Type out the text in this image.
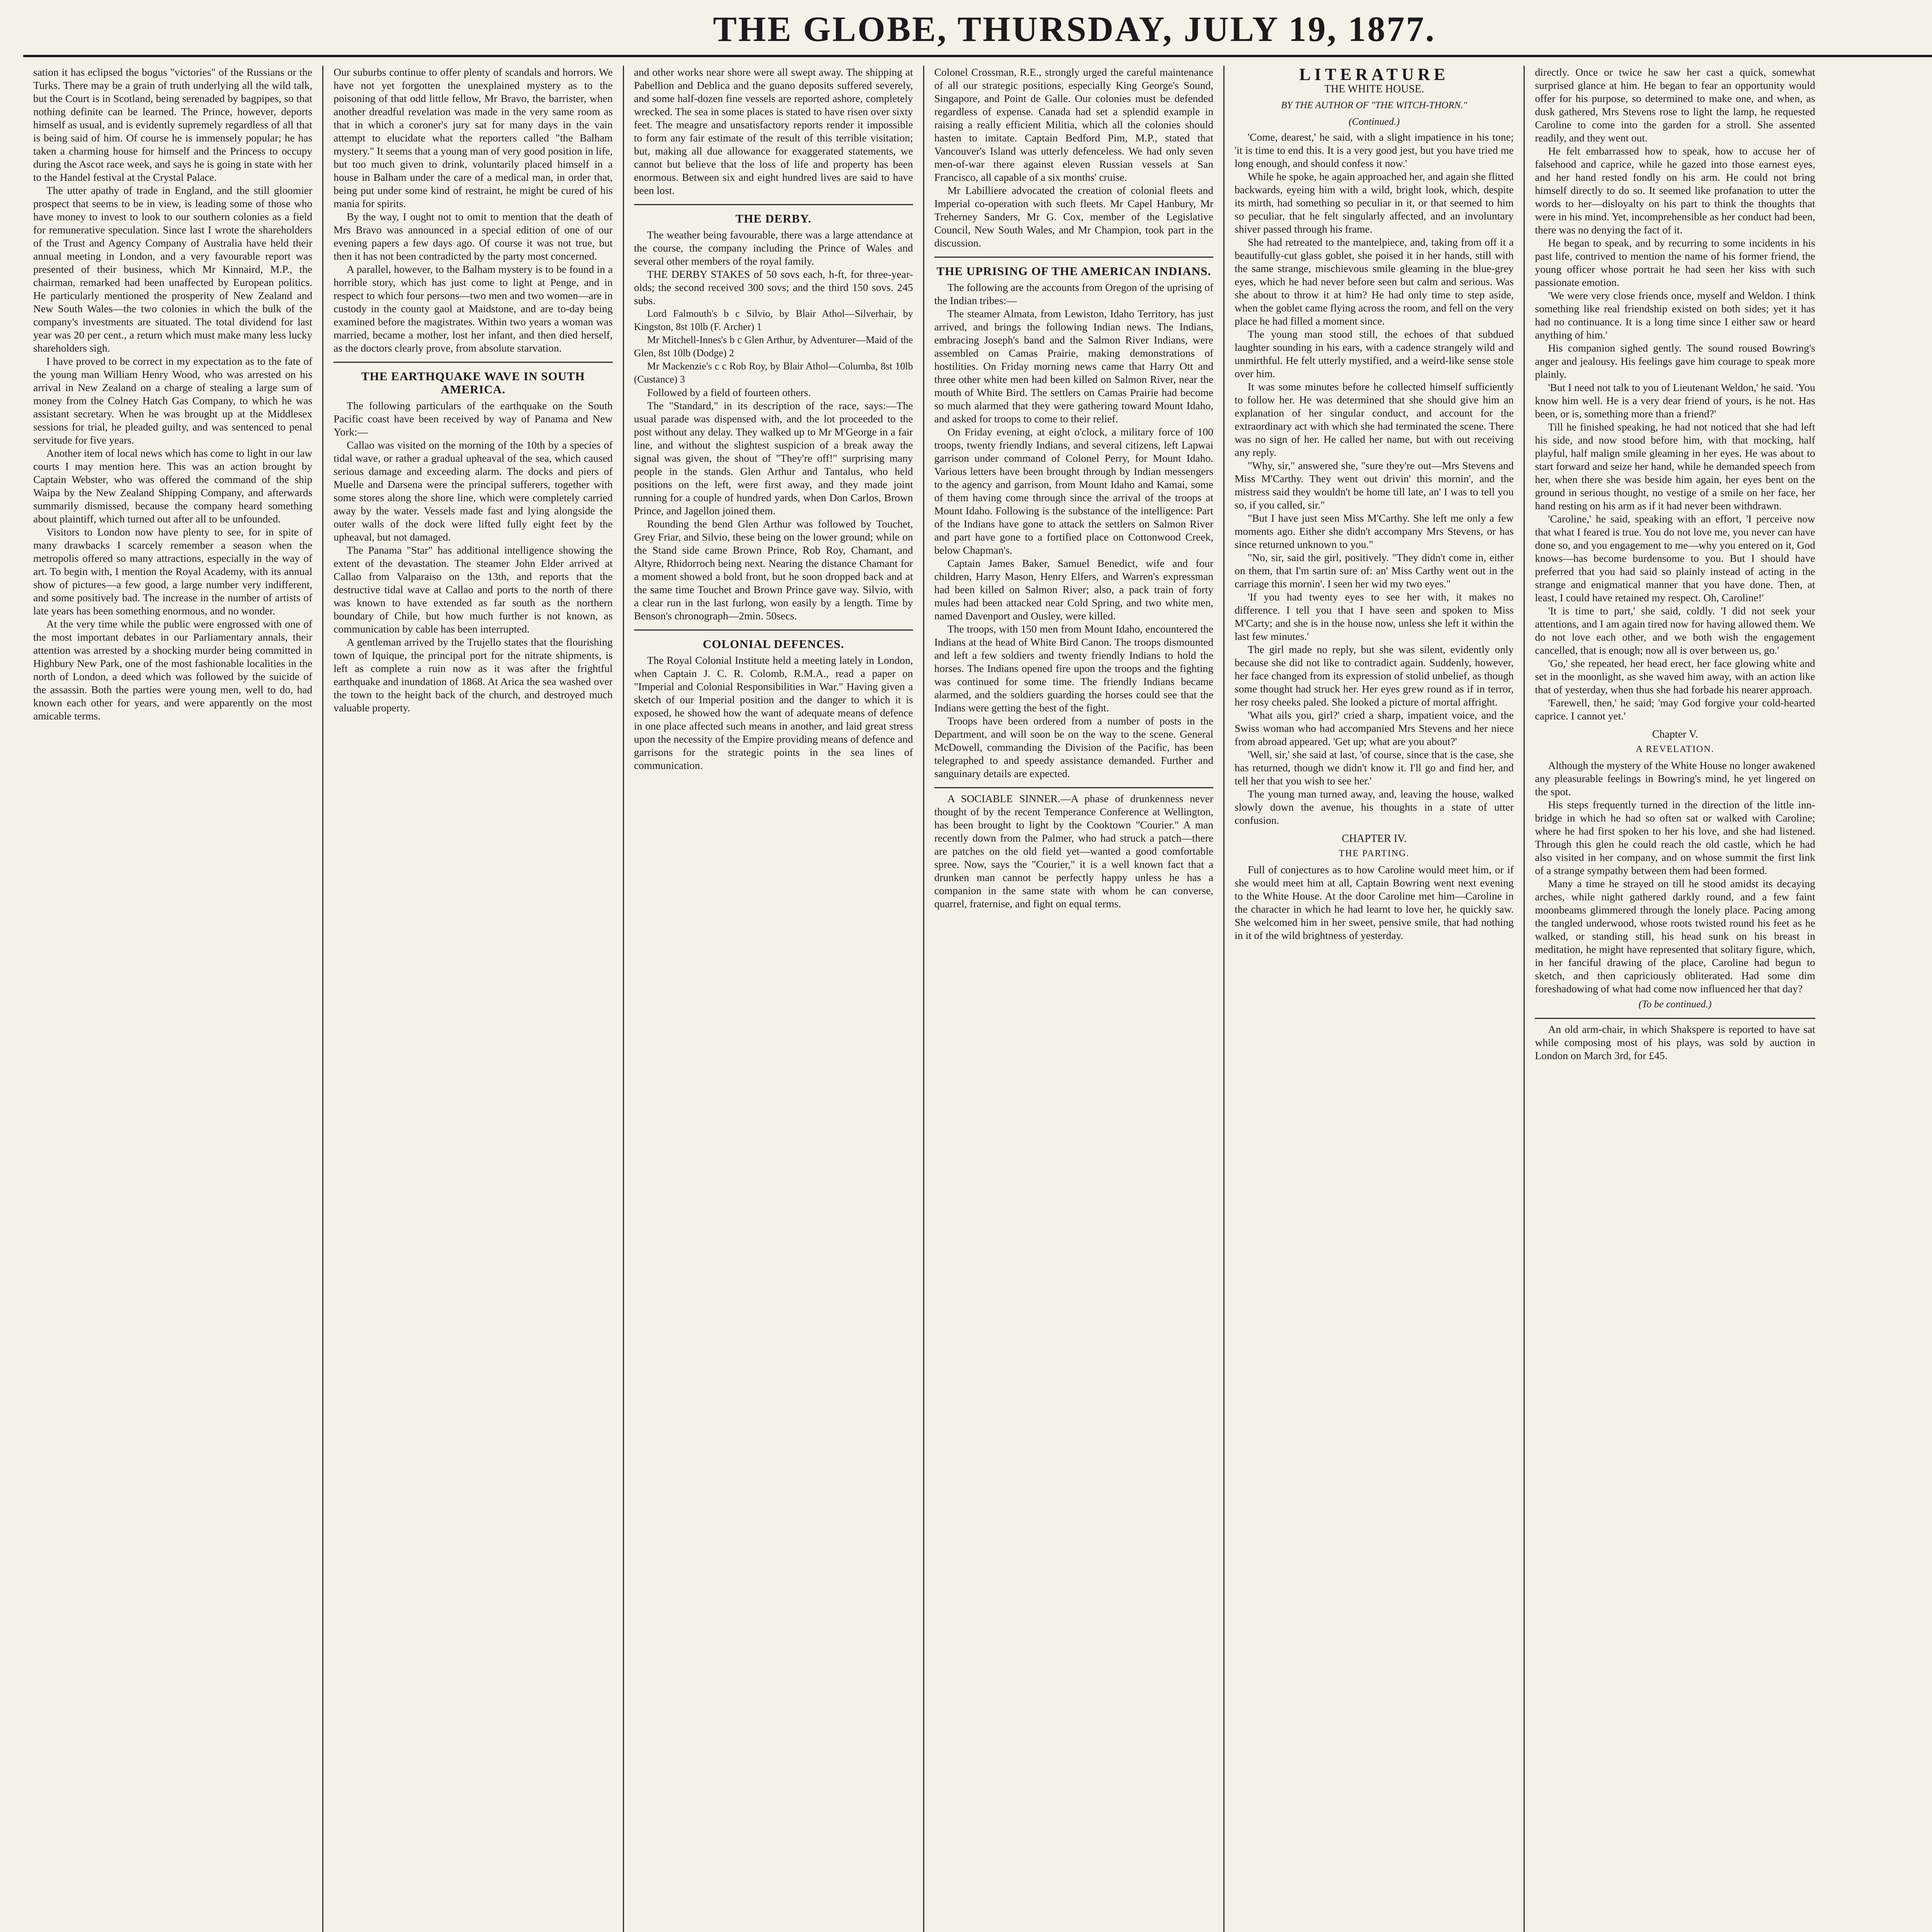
THE GLOBE, THURSDAY, JULY 19, 1877.

sation it has eclipsed the bogus "victories" of the Russians or the Turks. There may be a grain of truth underlying all the wild talk, but the Court is in Scotland, being serenaded by bagpipes, so that nothing definite can be learned. The Prince, however, deports himself as usual, and is evidently supremely regardless of all that is being said of him. Of course he is immensely popular; he has taken a charming house for himself and the Princess to occupy during the Ascot race week, and says he is going in state with her to the Handel festival at the Crystal Palace.

The utter apathy of trade in England, and the still gloomier prospect that seems to be in view, is leading some of those who have money to invest to look to our southern colonies as a field for remunerative speculation. Since last I wrote the shareholders of the Trust and Agency Company of Australia have held their annual meeting in London, and a very favourable report was presented of their business, which Mr Kinnaird, M.P., the chairman, remarked had been unaffected by European politics. He particularly mentioned the prosperity of New Zealand and New South Wales—the two colonies in which the bulk of the company's investments are situated. The total dividend for last year was 20 per cent., a return which must make many less lucky shareholders sigh.

I have proved to be correct in my expectation as to the fate of the young man William Henry Wood, who was arrested on his arrival in New Zealand on a charge of stealing a large sum of money from the Colney Hatch Gas Company, to which he was assistant secretary. When he was brought up at the Middlesex sessions for trial, he pleaded guilty, and was sentenced to penal servitude for five years.

Another item of local news which has come to light in our law courts I may mention here. This was an action brought by Captain Webster, who was offered the command of the ship Waipa by the New Zealand Shipping Company, and afterwards summarily dismissed, because the company heard something about plaintiff, which turned out after all to be unfounded.

Visitors to London now have plenty to see, for in spite of many drawbacks I scarcely remember a season when the metropolis offered so many attractions, especially in the way of art. To begin with, I mention the Royal Academy, with its annual show of pictures—a few good, a large number very indifferent, and some positively bad. The increase in the number of artists of late years has been something enormous, and no wonder.

At the very time while the public were engrossed with one of the most important debates in our Parliamentary annals, their attention was arrested by a shocking murder being committed in Highbury New Park, one of the most fashionable localities in the north of London, a deed which was followed by the suicide of the assassin. Both the parties were young men, well to do, had known each other for years, and were apparently on the most amicable terms.

Our suburbs continue to offer plenty of scandals and horrors. We have not yet forgotten the unexplained mystery as to the poisoning of that odd little fellow, Mr Bravo, the barrister, when another dreadful revelation was made in the very same room as that in which a coroner's jury sat for many days in the vain attempt to elucidate what the reporters called "the Balham mystery." It seems that a young man of very good position in life, but too much given to drink, voluntarily placed himself in a house in Balham under the care of a medical man, in order that, being put under some kind of restraint, he might be cured of his mania for spirits.

By the way, I ought not to omit to mention that the death of Mrs Bravo was announced in a special edition of one of our evening papers a few days ago. Of course it was not true, but then it has not been contradicted by the party most concerned.

A parallel, however, to the Balham mystery is to be found in a horrible story, which has just come to light at Penge, and in respect to which four persons—two men and two women—are in custody in the county gaol at Maidstone, and are to-day being examined before the magistrates. Within two years a woman was married, became a mother, lost her infant, and then died herself, as the doctors clearly prove, from absolute starvation.

THE EARTHQUAKE WAVE IN SOUTH AMERICA.

The following particulars of the earthquake on the South Pacific coast have been received by way of Panama and New York:—

Callao was visited on the morning of the 10th by a species of tidal wave, or rather a gradual upheaval of the sea, which caused serious damage and exceeding alarm. The docks and piers of Muelle and Darsena were the principal sufferers, together with some stores along the shore line, which were completely carried away by the water. Vessels made fast and lying alongside the outer walls of the dock were lifted fully eight feet by the upheaval, but not damaged.

The Panama "Star" has additional intelligence showing the extent of the devastation. The steamer John Elder arrived at Callao from Valparaiso on the 13th, and reports that the destructive tidal wave at Callao and ports to the north of there was known to have extended as far south as the northern boundary of Chile, but how much further is not known, as communication by cable has been interrupted.

A gentleman arrived by the Trujello states that the flourishing town of Iquique, the principal port for the nitrate shipments, is left as complete a ruin now as it was after the frightful earthquake and inundation of 1868. At Arica the sea washed over the town to the height back of the church, and destroyed much valuable property.

and other works near shore were all swept away. The shipping at Pabellion and Deblica and the guano deposits suffered severely, and some half-dozen fine vessels are reported ashore, completely wrecked. The sea in some places is stated to have risen over sixty feet. The meagre and unsatisfactory reports render it impossible to form any fair estimate of the result of this terrible visitation; but, making all due allowance for exaggerated statements, we cannot but believe that the loss of life and property has been enormous. Between six and eight hundred lives are said to have been lost.

THE DERBY.

The weather being favourable, there was a large attendance at the course, the company including the Prince of Wales and several other members of the royal family.

THE DERBY STAKES of 50 sovs each, h-ft, for three-year-olds; the second received 300 sovs; and the third 150 sovs. 245 subs.

Lord Falmouth's b c Silvio, by Blair Athol—Silverhair, by Kingston, 8st 10lb (F. Archer) 1

Mr Mitchell-Innes's b c Glen Arthur, by Adventurer—Maid of the Glen, 8st 10lb (Dodge) 2

Mr Mackenzie's c c Rob Roy, by Blair Athol—Columba, 8st 10lb (Custance) 3

Followed by a field of fourteen others.

The "Standard," in its description of the race, says:—The usual parade was dispensed with, and the lot proceeded to the post without any delay. They walked up to Mr M'George in a fair line, and without the slightest suspicion of a break away the signal was given, the shout of "They're off!" surprising many people in the stands. Glen Arthur and Tantalus, who held positions on the left, were first away, and they made joint running for a couple of hundred yards, when Don Carlos, Brown Prince, and Jagellon joined them.

Rounding the bend Glen Arthur was followed by Touchet, Grey Friar, and Silvio, these being on the lower ground; while on the Stand side came Brown Prince, Rob Roy, Chamant, and Altyre, Rhidorroch being next. Nearing the distance Chamant for a moment showed a bold front, but he soon dropped back and at the same time Touchet and Brown Prince gave way. Silvio, with a clear run in the last furlong, won easily by a length. Time by Benson's chronograph—2min. 50secs.

COLONIAL DEFENCES.

The Royal Colonial Institute held a meeting lately in London, when Captain J. C. R. Colomb, R.M.A., read a paper on "Imperial and Colonial Responsibilities in War." Having given a sketch of our Imperial position and the danger to which it is exposed, he showed how the want of adequate means of defence in one place affected such means in another, and laid great stress upon the necessity of the Empire providing means of defence and garrisons for the strategic points in the sea lines of communication.

Colonel Crossman, R.E., strongly urged the careful maintenance of all our strategic positions, especially King George's Sound, Singapore, and Point de Galle. Our colonies must be defended regardless of expense. Canada had set a splendid example in raising a really efficient Militia, which all the colonies should hasten to imitate. Captain Bedford Pim, M.P., stated that Vancouver's Island was utterly defenceless. We had only seven men-of-war there against eleven Russian vessels at San Francisco, all capable of a six months' cruise.

Mr Labilliere advocated the creation of colonial fleets and Imperial co-operation with such fleets. Mr Capel Hanbury, Mr Treherney Sanders, Mr G. Cox, member of the Legislative Council, New South Wales, and Mr Champion, took part in the discussion.

THE UPRISING OF THE AMERICAN INDIANS.

The following are the accounts from Oregon of the uprising of the Indian tribes:—

The steamer Almata, from Lewiston, Idaho Territory, has just arrived, and brings the following Indian news. The Indians, embracing Joseph's band and the Salmon River Indians, were assembled on Camas Prairie, making demonstrations of hostilities. On Friday morning news came that Harry Ott and three other white men had been killed on Salmon River, near the mouth of White Bird. The settlers on Camas Prairie had become so much alarmed that they were gathering toward Mount Idaho, and asked for troops to come to their relief.

On Friday evening, at eight o'clock, a military force of 100 troops, twenty friendly Indians, and several citizens, left Lapwai garrison under command of Colonel Perry, for Mount Idaho. Various letters have been brought through by Indian messengers to the agency and garrison, from Mount Idaho and Kamai, some of them having come through since the arrival of the troops at Mount Idaho. Following is the substance of the intelligence: Part of the Indians have gone to attack the settlers on Salmon River and part have gone to a fortified place on Cottonwood Creek, below Chapman's.

Captain James Baker, Samuel Benedict, wife and four children, Harry Mason, Henry Elfers, and Warren's expressman had been killed on Salmon River; also, a pack train of forty mules had been attacked near Cold Spring, and two white men, named Davenport and Ousley, were killed.

The troops, with 150 men from Mount Idaho, encountered the Indians at the head of White Bird Canon. The troops dismounted and left a few soldiers and twenty friendly Indians to hold the horses. The Indians opened fire upon the troops and the fighting was continued for some time. The friendly Indians became alarmed, and the soldiers guarding the horses could see that the Indians were getting the best of the fight.

Troops have been ordered from a number of posts in the Department, and will soon be on the way to the scene. General McDowell, commanding the Division of the Pacific, has been telegraphed to and speedy assistance demanded. Further and sanguinary details are expected.

A SOCIABLE SINNER.—A phase of drunkenness never thought of by the recent Temperance Conference at Wellington, has been brought to light by the Cooktown "Courier." A man recently down from the Palmer, who had struck a patch—there are patches on the old field yet—wanted a good comfortable spree. Now, says the "Courier," it is a well known fact that a drunken man cannot be perfectly happy unless he has a companion in the same state with whom he can converse, quarrel, fraternise, and fight on equal terms.

LITERATURE
THE WHITE HOUSE.
BY THE AUTHOR OF "THE WITCH-THORN."
(Continued.)

'Come, dearest,' he said, with a slight impatience in his tone; 'it is time to end this. It is a very good jest, but you have tried me long enough, and should confess it now.'

While he spoke, he again approached her, and again she flitted backwards, eyeing him with a wild, bright look, which, despite its mirth, had something so peculiar in it, or that seemed to him so peculiar, that he felt singularly affected, and an involuntary shiver passed through his frame.

She had retreated to the mantelpiece, and, taking from off it a beautifully-cut glass goblet, she poised it in her hands, still with the same strange, mischievous smile gleaming in the blue-grey eyes, which he had never before seen but calm and serious. Was she about to throw it at him? He had only time to step aside, when the goblet came flying across the room, and fell on the very place he had filled a moment since.

The young man stood still, the echoes of that subdued laughter sounding in his ears, with a cadence strangely wild and unmirthful. He felt utterly mystified, and a weird-like sense stole over him.

It was some minutes before he collected himself sufficiently to follow her. He was determined that she should give him an explanation of her singular conduct, and account for the extraordinary act with which she had terminated the scene. There was no sign of her. He called her name, but with out receiving any reply.

"Why, sir," answered she, "sure they're out—Mrs Stevens and Miss M'Carthy. They went out drivin' this mornin', and the mistress said they wouldn't be home till late, an' I was to tell you so, if you called, sir."

"But I have just seen Miss M'Carthy. She left me only a few moments ago. Either she didn't accompany Mrs Stevens, or has since returned unknown to you."

"No, sir, said the girl, positively. "They didn't come in, either on them, that I'm sartin sure of: an' Miss Carthy went out in the carriage this mornin'. I seen her wid my two eyes."

'If you had twenty eyes to see her with, it makes no difference. I tell you that I have seen and spoken to Miss M'Carty; and she is in the house now, unless she left it within the last few minutes.'

The girl made no reply, but she was silent, evidently only because she did not like to contradict again. Suddenly, however, her face changed from its expression of stolid unbelief, as though some thought had struck her. Her eyes grew round as if in terror, her rosy cheeks paled. She looked a picture of mortal affright.

'What ails you, girl?' cried a sharp, impatient voice, and the Swiss woman who had accompanied Mrs Stevens and her niece from abroad appeared. 'Get up; what are you about?'

'Well, sir,' she said at last, 'of course, since that is the case, she has returned, though we didn't know it. I'll go and find her, and tell her that you wish to see her.'

The young man turned away, and, leaving the house, walked slowly down the avenue, his thoughts in a state of utter confusion.

CHAPTER IV.
THE PARTING.

Full of conjectures as to how Caroline would meet him, or if she would meet him at all, Captain Bowring went next evening to the White House. At the door Caroline met him—Caroline in the character in which he had learnt to love her, he quickly saw. She welcomed him in her sweet, pensive smile, that had nothing in it of the wild brightness of yesterday.

directly. Once or twice he saw her cast a quick, somewhat surprised glance at him. He began to fear an opportunity would offer for his purpose, so determined to make one, and when, as dusk gathered, Mrs Stevens rose to light the lamp, he requested Caroline to come into the garden for a stroll. She assented readily, and they went out.

He felt embarrassed how to speak, how to accuse her of falsehood and caprice, while he gazed into those earnest eyes, and her hand rested fondly on his arm. He could not bring himself directly to do so. It seemed like profanation to utter the words to her—disloyalty on his part to think the thoughts that were in his mind. Yet, incomprehensible as her conduct had been, there was no denying the fact of it.

He began to speak, and by recurring to some incidents in his past life, contrived to mention the name of his former friend, the young officer whose portrait he had seen her kiss with such passionate emotion.

'We were very close friends once, myself and Weldon. I think something like real friendship existed on both sides; yet it has had no continuance. It is a long time since I either saw or heard anything of him.'

His companion sighed gently. The sound roused Bowring's anger and jealousy. His feelings gave him courage to speak more plainly.

'But I need not talk to you of Lieutenant Weldon,' he said. 'You know him well. He is a very dear friend of yours, is he not. Has been, or is, something more than a friend?'

Till he finished speaking, he had not noticed that she had left his side, and now stood before him, with that mocking, half playful, half malign smile gleaming in her eyes. He was about to start forward and seize her hand, while he demanded speech from her, when there she was beside him again, her eyes bent on the ground in serious thought, no vestige of a smile on her face, her hand resting on his arm as if it had never been withdrawn.

'Caroline,' he said, speaking with an effort, 'I perceive now that what I feared is true. You do not love me, you never can have done so, and you engagement to me—why you entered on it, God knows—has become burdensome to you. But I should have preferred that you had said so plainly instead of acting in the strange and enigmatical manner that you have done. Then, at least, I could have retained my respect. Oh, Caroline!'

'It is time to part,' she said, coldly. 'I did not seek your attentions, and I am again tired now for having allowed them. We do not love each other, and we both wish the engagement cancelled, that is enough; now all is over between us, go.'

'Go,' she repeated, her head erect, her face glowing white and set in the moonlight, as she waved him away, with an action like that of yesterday, when thus she had forbade his nearer approach.

'Farewell, then,' he said; 'may God forgive your cold-hearted caprice. I cannot yet.'

Chapter V.
A REVELATION.

Although the mystery of the White House no longer awakened any pleasurable feelings in Bowring's mind, he yet lingered on the spot.

His steps frequently turned in the direction of the little inn-bridge in which he had so often sat or walked with Caroline; where he had first spoken to her his love, and she had listened. Through this glen he could reach the old castle, which he had also visited in her company, and on whose summit the first link of a strange sympathy between them had been formed.

Many a time he strayed on till he stood amidst its decaying arches, while night gathered darkly round, and a few faint moonbeams glimmered through the lonely place. Pacing among the tangled underwood, whose roots twisted round his feet as he walked, or standing still, his head sunk on his breast in meditation, he might have represented that solitary figure, which, in her fanciful drawing of the place, Caroline had begun to sketch, and then capriciously obliterated. Had some dim foreshadowing of what had come now influenced her that day?

(To be continued.)

An old arm-chair, in which Shakspere is reported to have sat while composing most of his plays, was sold by auction in London on March 3rd, for £45.
